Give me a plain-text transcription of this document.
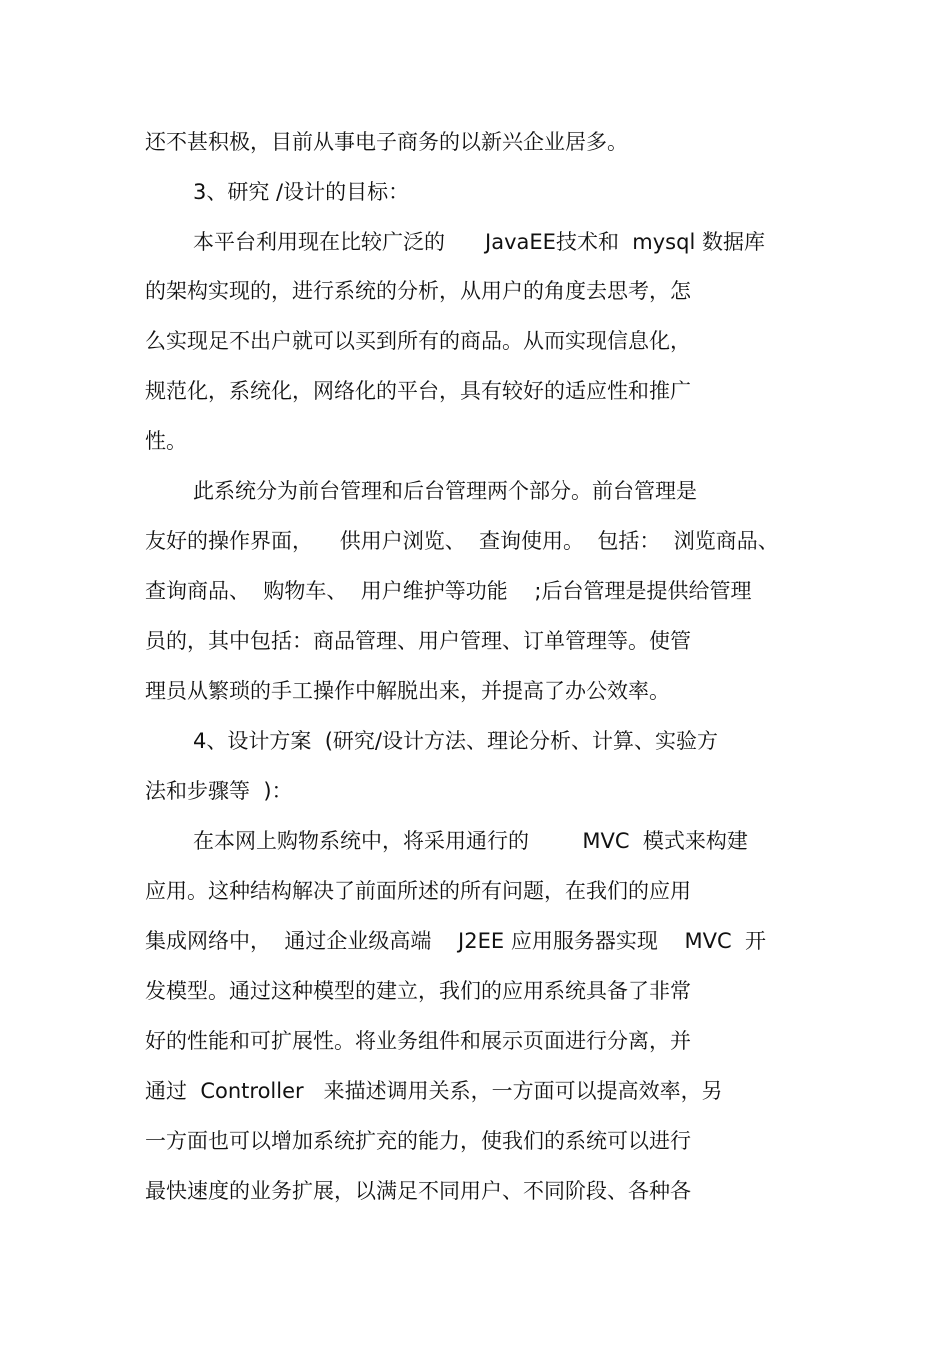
还不甚积极，目前从事电子商务的以新兴企业居多。
3、研究 /设计的目标：
本平台利用现在比较广泛的      JavaEE技术和  mysql 数据库
的架构实现的，进行系统的分析，从用户的角度去思考，怎
么实现足不出户就可以买到所有的商品。从而实现信息化，
规范化，系统化，网络化的平台，具有较好的适应性和推广
性。
此系统分为前台管理和后台管理两个部分。前台管理是
友好的操作界面，    供用户浏览、  查询使用。  包括：  浏览商品、
查询商品、  购物车、  用户维护等功能    ;后台管理是提供给管理
员的，其中包括：商品管理、用户管理、订单管理等。使管
理员从繁琐的手工操作中解脱出来，并提高了办公效率。
4、设计方案  (研究/设计方法、理论分析、计算、实验方
法和步骤等  )：
在本网上购物系统中，将采用通行的        MVC  模式来构建
应用。这种结构解决了前面所述的所有问题，在我们的应用
集成网络中，  通过企业级高端    J2EE 应用服务器实现    MVC  开
发模型。通过这种模型的建立，我们的应用系统具备了非常
好的性能和可扩展性。将业务组件和展示页面进行分离，并
通过  Controller   来描述调用关系，一方面可以提高效率，另
一方面也可以增加系统扩充的能力，使我们的系统可以进行
最快速度的业务扩展，以满足不同用户、不同阶段、各种各
